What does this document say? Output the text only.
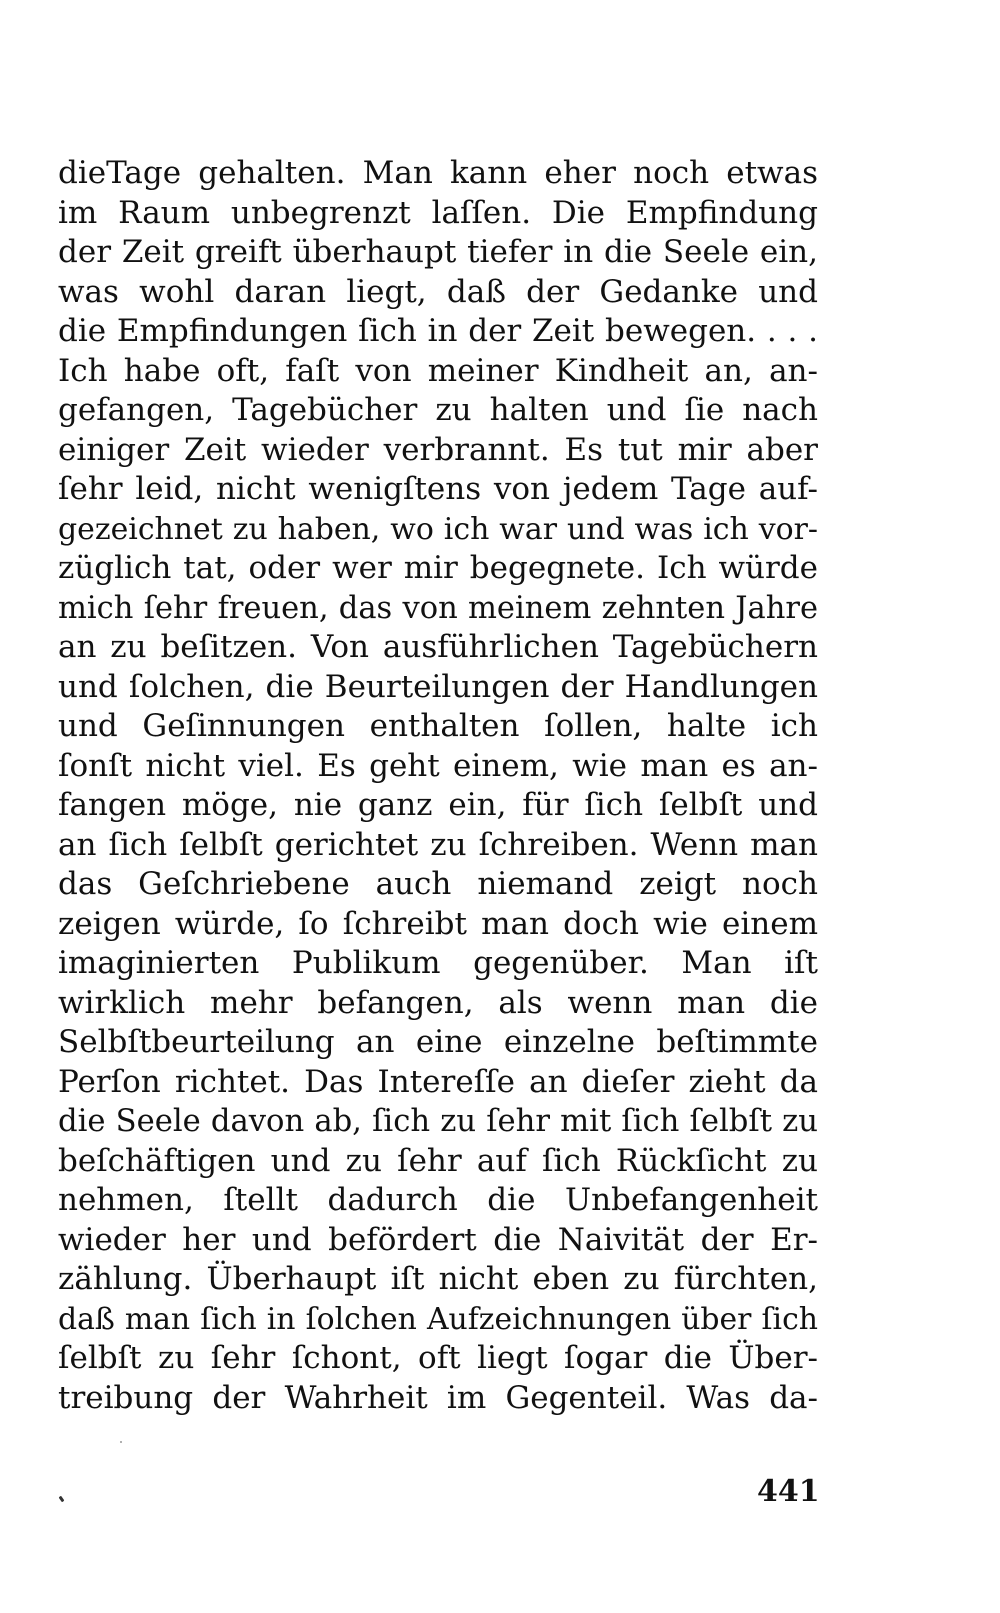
dieTage gehalten. Man kann eher noch etwas
im Raum unbegrenzt laſſen. Die Empfindung
der Zeit greift überhaupt tiefer in die Seele ein,
was wohl daran liegt, daß der Gedanke und
die Empfindungen ſich in der Zeit bewegen. . . .
Ich habe oft, faſt von meiner Kindheit an, an-
gefangen, Tagebücher zu halten und ſie nach
einiger Zeit wieder verbrannt. Es tut mir aber
ſehr leid, nicht wenigſtens von jedem Tage auf-
gezeichnet zu haben, wo ich war und was ich vor-
züglich tat, oder wer mir begegnete. Ich würde
mich ſehr freuen, das von meinem zehnten Jahre
an zu beſitzen. Von ausführlichen Tagebüchern
und ſolchen, die Beurteilungen der Handlungen
und Geſinnungen enthalten ſollen, halte ich
ſonſt nicht viel. Es geht einem, wie man es an-
fangen möge, nie ganz ein, für ſich ſelbſt und
an ſich ſelbſt gerichtet zu ſchreiben. Wenn man
das Geſchriebene auch niemand zeigt noch
zeigen würde, ſo ſchreibt man doch wie einem
imaginierten Publikum gegenüber. Man iſt
wirklich mehr befangen, als wenn man die
Selbſtbeurteilung an eine einzelne beſtimmte
Perſon richtet. Das Intereſſe an dieſer zieht da
die Seele davon ab, ſich zu ſehr mit ſich ſelbſt zu
beſchäftigen und zu ſehr auf ſich Rückſicht zu
nehmen, ſtellt dadurch die Unbefangenheit
wieder her und befördert die Naivität der Er-
zählung. Überhaupt iſt nicht eben zu fürchten,
daß man ſich in ſolchen Aufzeichnungen über ſich
ſelbſt zu ſehr ſchont, oft liegt ſogar die Über-
treibung der Wahrheit im Gegenteil. Was da-
441
